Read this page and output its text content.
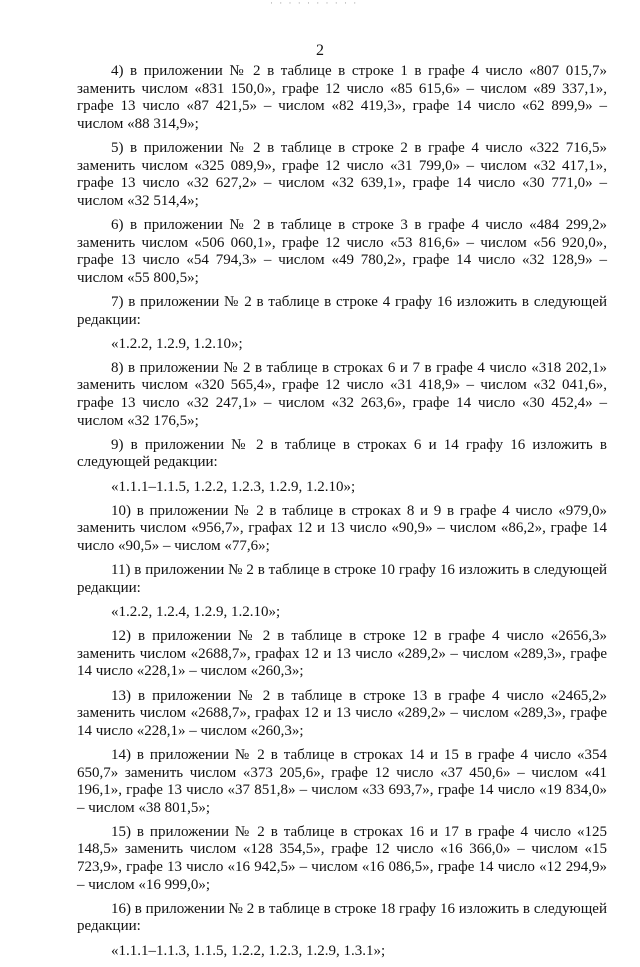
· · · · · · · · · ·
2

4) в приложении № 2 в таблице в строке 1 в графе 4 число «807 015,7» заменить числом «831 150,0», графе 12 число «85 615,6» – числом «89 337,1», графе 13 число «87 421,5» – числом «82 419,3», графе 14 число «62 899,9» – числом «88 314,9»;

5) в приложении № 2 в таблице в строке 2 в графе 4 число «322 716,5» заменить числом «325 089,9», графе 12 число «31 799,0» – числом «32 417,1», графе 13 число «32 627,2» – числом «32 639,1», графе 14 число «30 771,0» – числом «32 514,4»;

6) в приложении № 2 в таблице в строке 3 в графе 4 число «484 299,2» заменить числом «506 060,1», графе 12 число «53 816,6» – числом «56 920,0», графе 13 число «54 794,3» – числом «49 780,2», графе 14 число «32 128,9» – числом «55 800,5»;

7) в приложении № 2 в таблице в строке 4 графу 16 изложить в следующей редакции:

«1.2.2, 1.2.9, 1.2.10»;

8) в приложении № 2 в таблице в строках 6 и 7 в графе 4 число «318 202,1» заменить числом «320 565,4», графе 12 число «31 418,9» – числом «32 041,6», графе 13 число «32 247,1» – числом «32 263,6», графе 14 число «30 452,4» – числом «32 176,5»;

9) в приложении № 2 в таблице в строках 6 и 14 графу 16 изложить в следующей редакции:

«1.1.1–1.1.5, 1.2.2, 1.2.3, 1.2.9, 1.2.10»;

10) в приложении № 2 в таблице в строках 8 и 9 в графе 4 число «979,0» заменить числом «956,7», графах 12 и 13 число «90,9» – числом «86,2», графе 14 число «90,5» – числом «77,6»;

11) в приложении № 2 в таблице в строке 10 графу 16 изложить в следующей редакции:

«1.2.2, 1.2.4, 1.2.9, 1.2.10»;

12) в приложении № 2 в таблице в строке 12 в графе 4 число «2656,3» заменить числом «2688,7», графах 12 и 13 число «289,2» – числом «289,3», графе 14 число «228,1» – числом «260,3»;

13) в приложении № 2 в таблице в строке 13 в графе 4 число «2465,2» заменить числом «2688,7», графах 12 и 13 число «289,2» – числом «289,3», графе 14 число «228,1» – числом «260,3»;

14) в приложении № 2 в таблице в строках 14 и 15 в графе 4 число «354 650,7» заменить числом «373 205,6», графе 12 число «37 450,6» – числом «41 196,1», графе 13 число «37 851,8» – числом «33 693,7», графе 14 число «19 834,0» – числом «38 801,5»;

15) в приложении № 2 в таблице в строках 16 и 17 в графе 4 число «125 148,5» заменить числом «128 354,5», графе 12 число «16 366,0» – числом «15 723,9», графе 13 число «16 942,5» – числом «16 086,5», графе 14 число «12 294,9» – числом «16 999,0»;

16) в приложении № 2 в таблице в строке 18 графу 16 изложить в следующей редакции:

«1.1.1–1.1.3, 1.1.5, 1.2.2, 1.2.3, 1.2.9, 1.3.1»;
